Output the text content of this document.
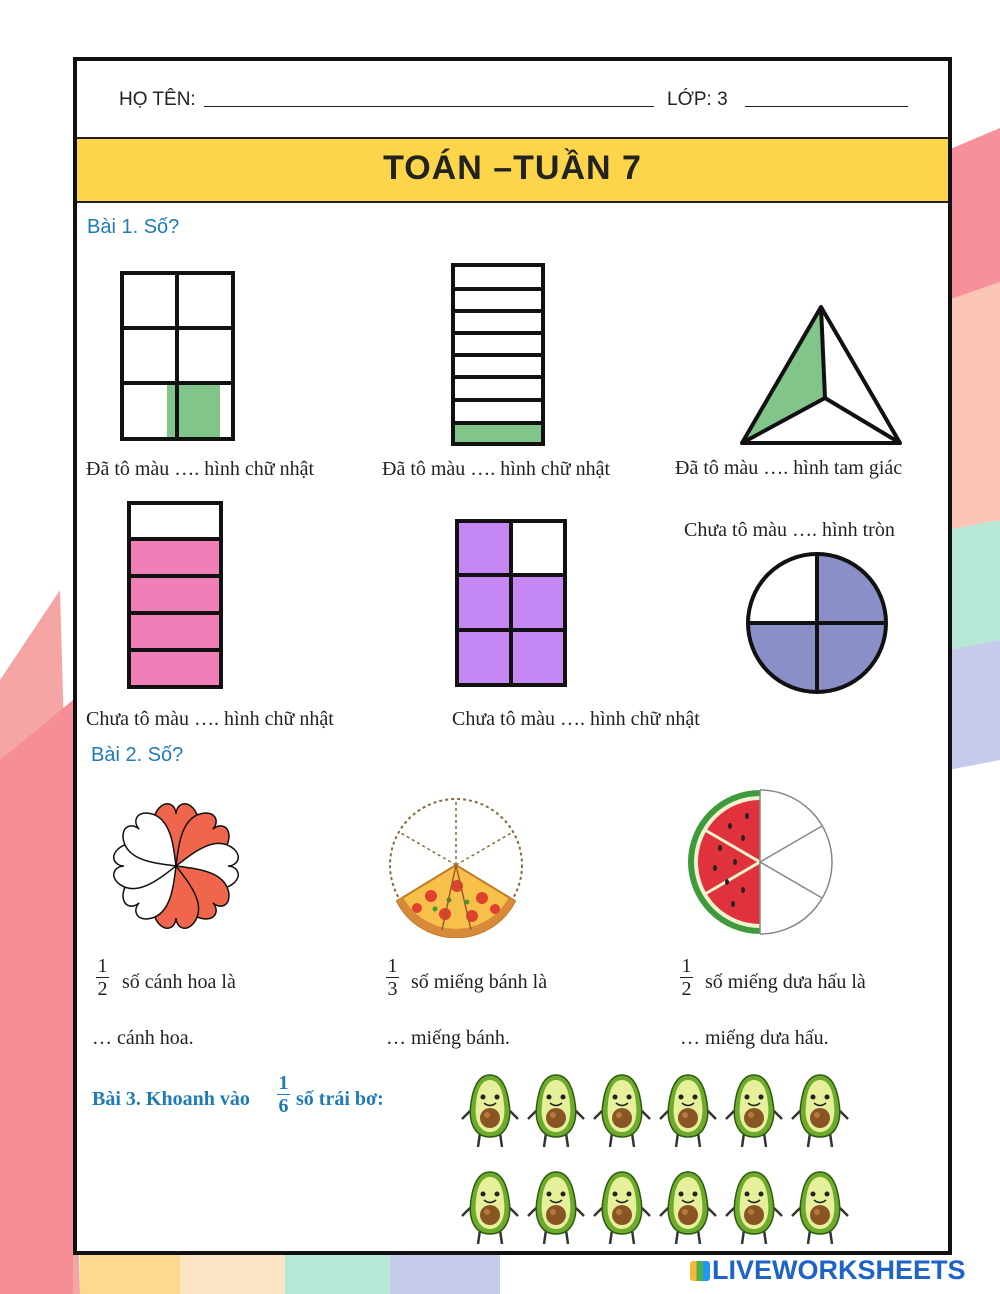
HỌ TÊN:	LỚP: 3
TOÁN –TUẦN 7
Bài 1. Số?
Đã tô màu …. hình chữ nhật	Đã tô màu …. hình chữ nhật	Đã tô màu …. hình tam giác
Chưa tô màu …. hình chữ nhật	Chưa tô màu …. hình chữ nhật
Chưa tô màu …. hình tròn
Bài 2. Số?
1
2 số cánh hoa là
… cánh hoa.
1
3 số miếng bánh là
… miếng bánh.
1
2 số miếng dưa hấu là
… miếng dưa hấu.
Bài 3. Khoanh vào
1
6 số trái bơ:
LIVEWORKSHEETS
